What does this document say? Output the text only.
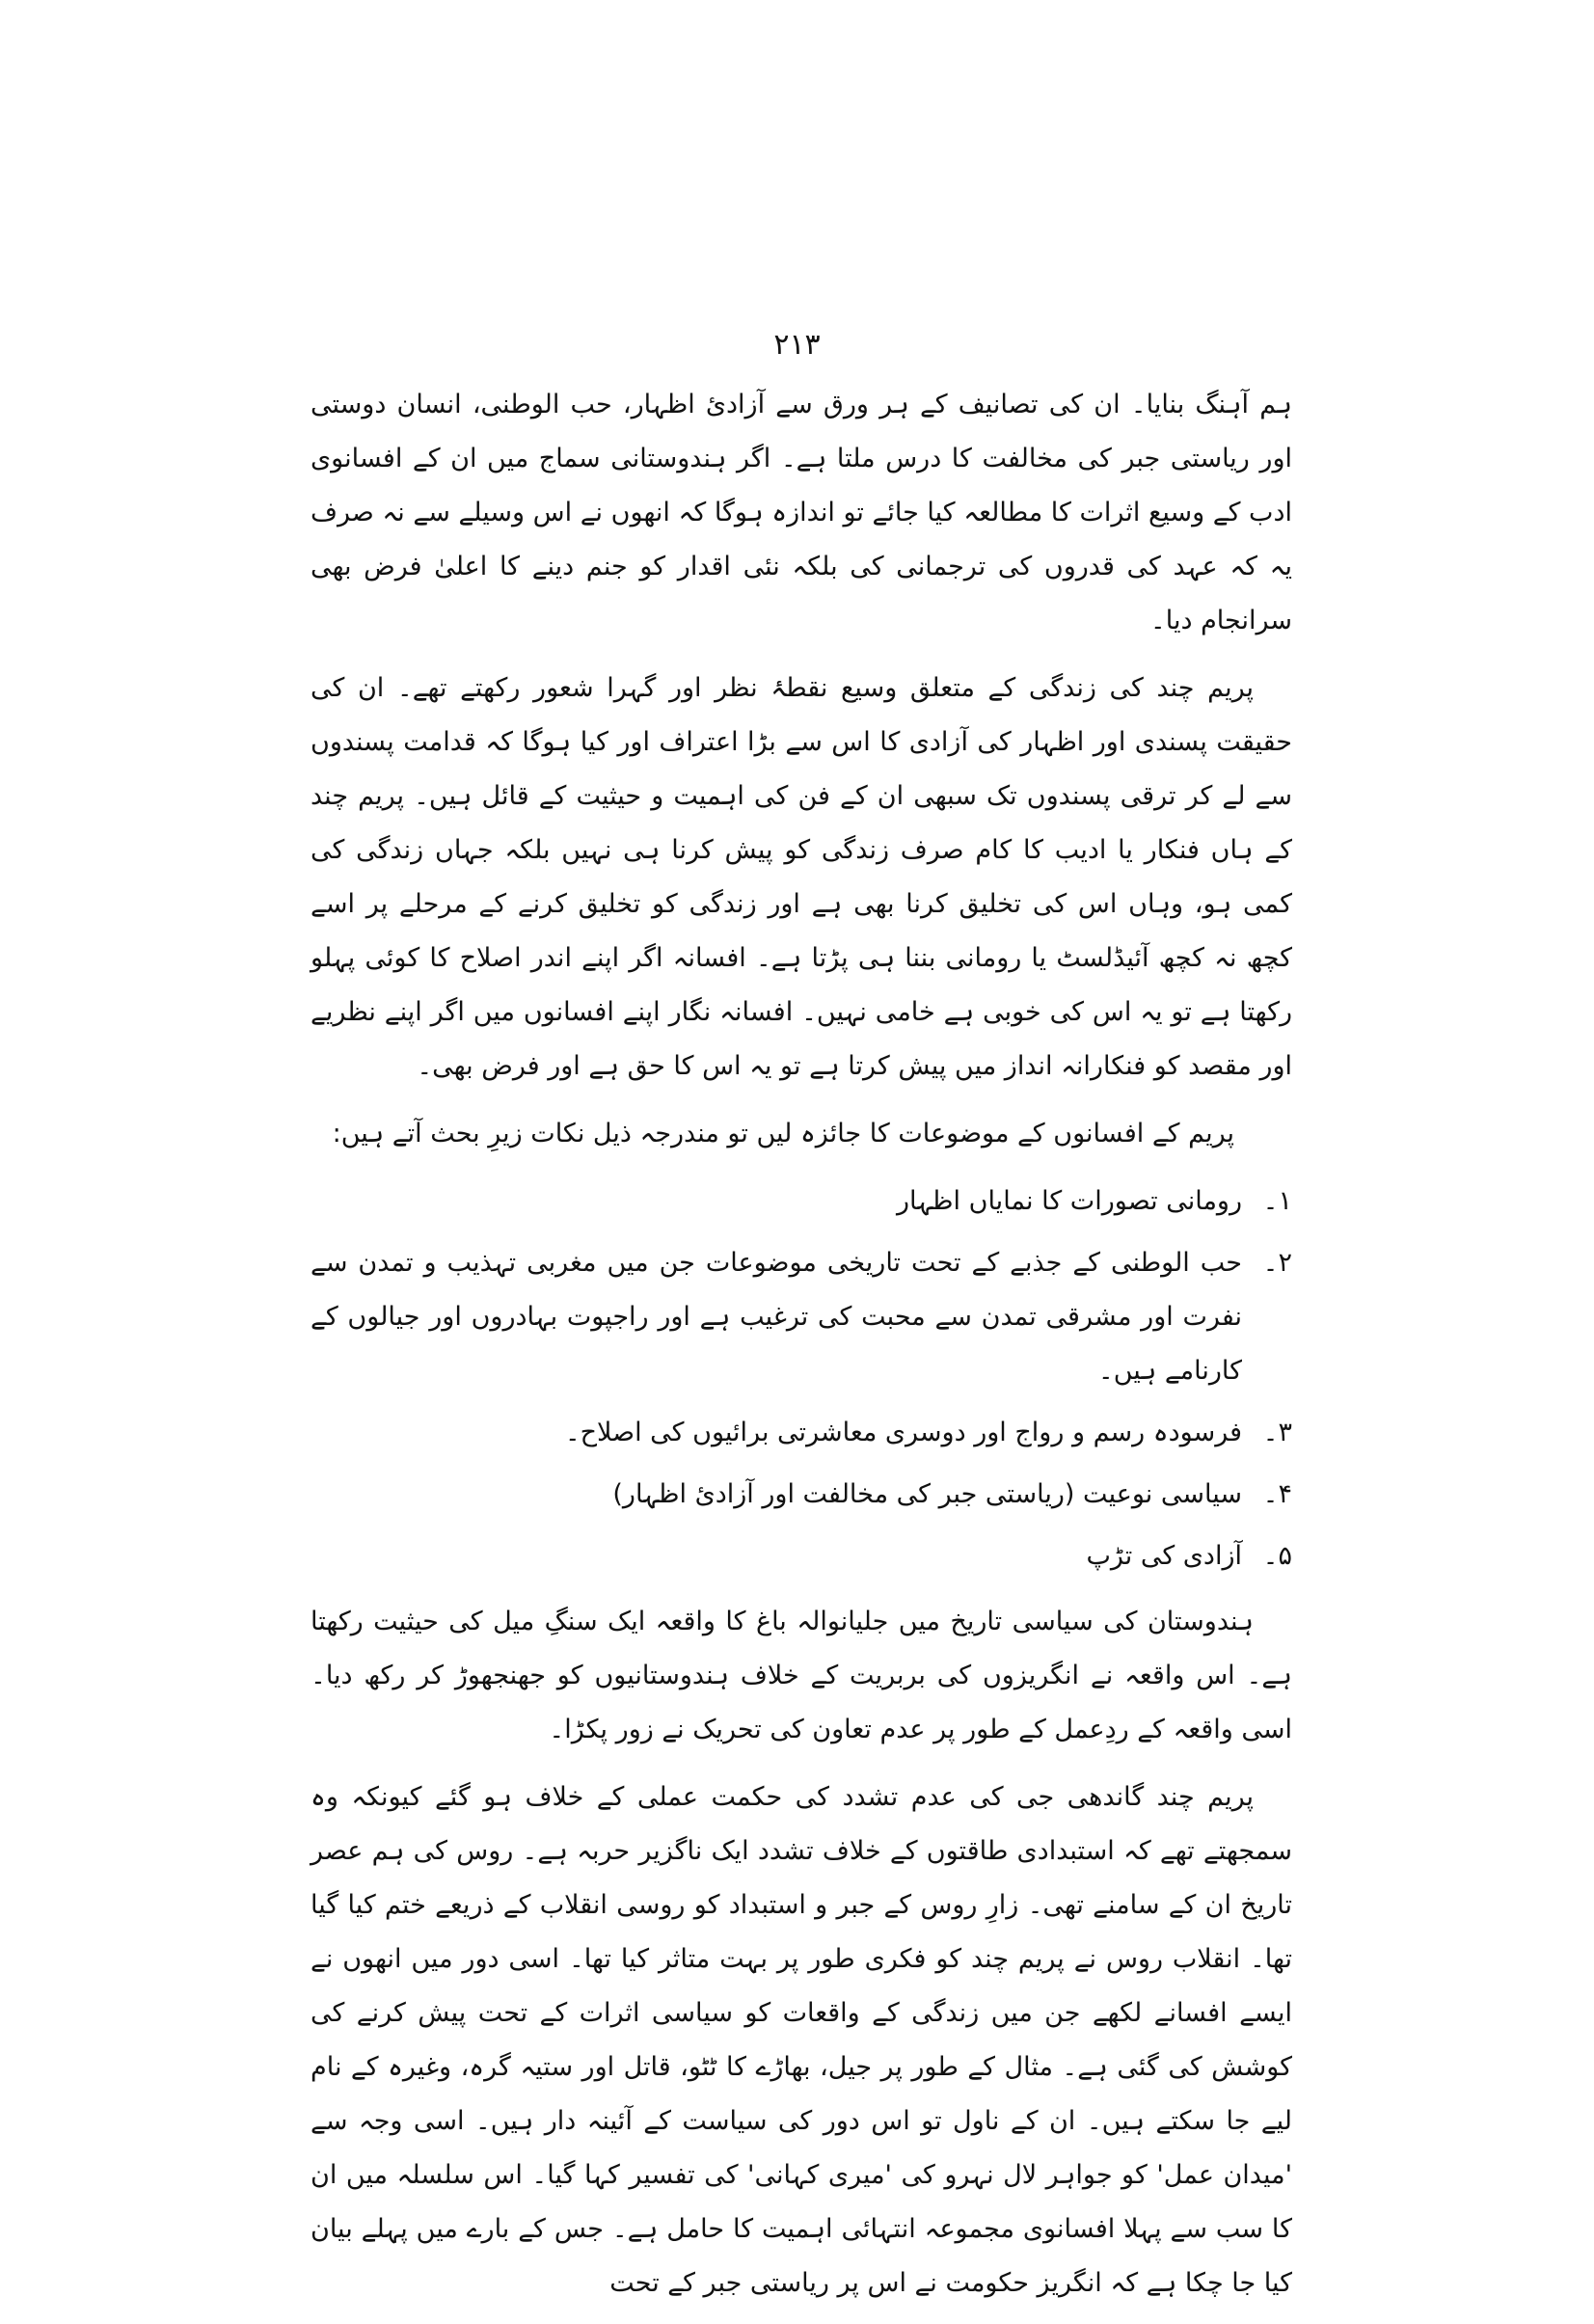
۲۱۳

ہم آہنگ بنایا۔ ان کی تصانیف کے ہر ورق سے آزادیٔ اظہار، حب الوطنی، انسان دوستی اور ریاستی جبر کی مخالفت کا درس ملتا ہے۔ اگر ہندوستانی سماج میں ان کے افسانوی ادب کے وسیع اثرات کا مطالعہ کیا جائے تو اندازہ ہوگا کہ انھوں نے اس وسیلے سے نہ صرف یہ کہ عہد کی قدروں کی ترجمانی کی بلکہ نئی اقدار کو جنم دینے کا اعلیٰ فرض بھی سرانجام دیا۔

پریم چند کی زندگی کے متعلق وسیع نقطۂ نظر اور گہرا شعور رکھتے تھے۔ ان کی حقیقت پسندی اور اظہار کی آزادی کا اس سے بڑا اعتراف اور کیا ہوگا کہ قدامت پسندوں سے لے کر ترقی پسندوں تک سبھی ان کے فن کی اہمیت و حیثیت کے قائل ہیں۔ پریم چند کے ہاں فنکار یا ادیب کا کام صرف زندگی کو پیش کرنا ہی نہیں بلکہ جہاں زندگی کی کمی ہو، وہاں اس کی تخلیق کرنا بھی ہے اور زندگی کو تخلیق کرنے کے مرحلے پر اسے کچھ نہ کچھ آئیڈلسٹ یا رومانی بننا ہی پڑتا ہے۔ افسانہ اگر اپنے اندر اصلاح کا کوئی پہلو رکھتا ہے تو یہ اس کی خوبی ہے خامی نہیں۔ افسانہ نگار اپنے افسانوں میں اگر اپنے نظریے اور مقصد کو فنکارانہ انداز میں پیش کرتا ہے تو یہ اس کا حق ہے اور فرض بھی۔

پریم کے افسانوں کے موضوعات کا جائزہ لیں تو مندرجہ ذیل نکات زیرِ بحث آتے ہیں:

۱۔
رومانی تصورات کا نمایاں اظہار
۲۔
حب الوطنی کے جذبے کے تحت تاریخی موضوعات جن میں مغربی تہذیب و تمدن سے نفرت اور مشرقی تمدن سے محبت کی ترغیب ہے اور راجپوت بہادروں اور جیالوں کے کارنامے ہیں۔
۳۔
فرسودہ رسم و رواج اور دوسری معاشرتی برائیوں کی اصلاح۔
۴۔
سیاسی نوعیت (ریاستی جبر کی مخالفت اور آزادیٔ اظہار)
۵۔
آزادی کی تڑپ

ہندوستان کی سیاسی تاریخ میں جلیانوالہ باغ کا واقعہ ایک سنگِ میل کی حیثیت رکھتا ہے۔ اس واقعہ نے انگریزوں کی بربریت کے خلاف ہندوستانیوں کو جھنجھوڑ کر رکھ دیا۔ اسی واقعہ کے ردِعمل کے طور پر عدم تعاون کی تحریک نے زور پکڑا۔

پریم چند گاندھی جی کی عدم تشدد کی حکمت عملی کے خلاف ہو گئے کیونکہ وہ سمجھتے تھے کہ استبدادی طاقتوں کے خلاف تشدد ایک ناگزیر حربہ ہے۔ روس کی ہم عصر تاریخ ان کے سامنے تھی۔ زارِ روس کے جبر و استبداد کو روسی انقلاب کے ذریعے ختم کیا گیا تھا۔ انقلاب روس نے پریم چند کو فکری طور پر بہت متاثر کیا تھا۔ اسی دور میں انھوں نے ایسے افسانے لکھے جن میں زندگی کے واقعات کو سیاسی اثرات کے تحت پیش کرنے کی کوشش کی گئی ہے۔ مثال کے طور پر جیل، بھاڑے کا ٹٹو، قاتل اور ستیہ گرہ، وغیرہ کے نام لیے جا سکتے ہیں۔ ان کے ناول تو اس دور کی سیاست کے آئینہ دار ہیں۔ اسی وجہ سے 'میدان عمل' کو جواہر لال نہرو کی 'میری کہانی' کی تفسیر کہا گیا۔ اس سلسلہ میں ان کا سب سے پہلا افسانوی مجموعہ انتہائی اہمیت کا حامل ہے۔ جس کے بارے میں پہلے بیان کیا جا چکا ہے کہ انگریز حکومت نے اس پر ریاستی جبر کے تحت
